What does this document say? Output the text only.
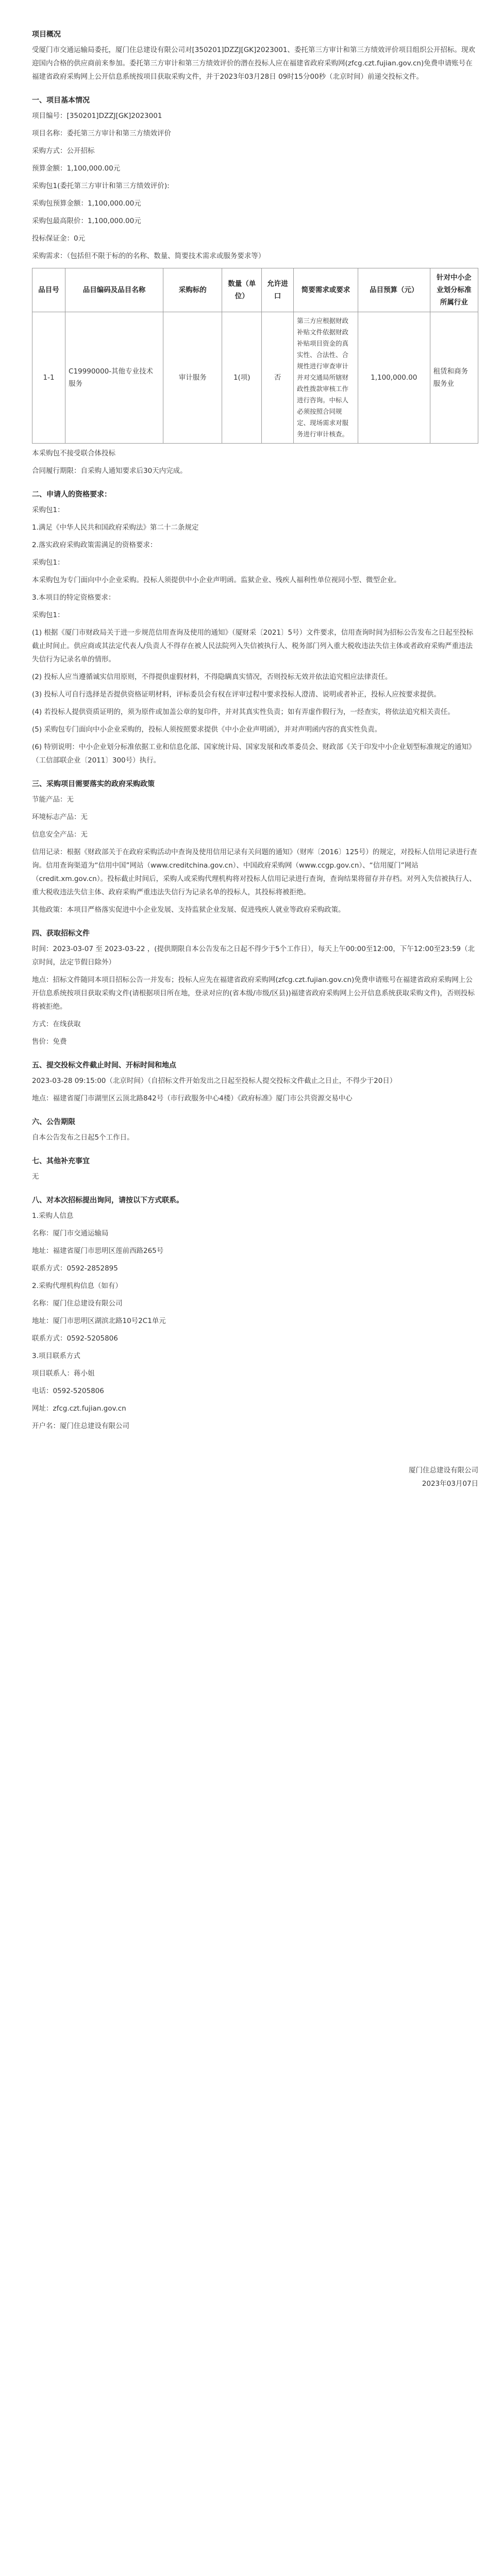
项目概况
受厦门市交通运输局委托，厦门住总建设有限公司对[350201]DZZJ[GK]2023001、委托第三方审计和第三方绩效评价项目组织公开招标。现欢迎国内合格的供应商前来参加。委托第三方审计和第三方绩效评价的潜在投标人应在福建省政府采购网(zfcg.czt.fujian.gov.cn)免费申请账号在福建省政府采购网上公开信息系统按项目获取采购文件，并于2023年03月28日 09时15分00秒（北京时间）前递交投标文件。
一、项目基本情况
项目编号：[350201]DZZJ[GK]2023001
项目名称：委托第三方审计和第三方绩效评价
采购方式：公开招标
预算金额：1,100,000.00元
采购包1(委托第三方审计和第三方绩效评价):
采购包预算金额：1,100,000.00元
采购包最高限价：1,100,000.00元
投标保证金：0元
采购需求：（包括但不限于标的的名称、数量、简要技术需求或服务要求等）
品目号	品目编码及品目名称	采购标的	数量（单位）	允许进口	简要需求或要求	品目预算（元）	针对中小企业划分标准所属行业
1-1	C19990000-其他专业技术服务	审计服务	1(项)	否	第三方应根据财政补贴文件依据财政补贴项目资金的真实性、合法性、合规性进行审查审计并对交通局所辖财政性拨款审核工作进行咨询。中标人必须按照合同规定、现场需求对服务进行审计核查。	1,100,000.00	租赁和商务服务业
本采购包不接受联合体投标
合同履行期限：自采购人通知要求后30天内完成。
二、申请人的资格要求：
采购包1：
1.满足《中华人民共和国政府采购法》第二十二条规定
2.落实政府采购政策需满足的资格要求：
采购包1：
本采购包为专门面向中小企业采购。投标人须提供中小企业声明函。监狱企业、残疾人福利性单位视同小型、微型企业。
3.本项目的特定资格要求：
采购包1：
(1) 根据《厦门市财政局关于进一步规范信用查询及使用的通知》（厦财采〔2021〕5号）文件要求，信用查询时间为招标公告发布之日起至投标截止时间止。供应商或其法定代表人/负责人不得存在被人民法院列入失信被执行人、税务部门列入重大税收违法失信主体或者政府采购严重违法失信行为记录名单的情形。
(2) 投标人应当遵循诚实信用原则，不得提供虚假材料，不得隐瞒真实情况，否则投标无效并依法追究相应法律责任。
(3) 投标人可自行选择是否提供资格证明材料，评标委员会有权在评审过程中要求投标人澄清、说明或者补正，投标人应按要求提供。
(4) 若投标人提供资质证明的，须为原件或加盖公章的复印件，并对其真实性负责；如有弄虚作假行为，一经查实，将依法追究相关责任。
(5) 采购包专门面向中小企业采购的，投标人须按照要求提供《中小企业声明函》，并对声明函内容的真实性负责。
(6) 特别说明：中小企业划分标准依据工业和信息化部、国家统计局、国家发展和改革委员会、财政部《关于印发中小企业划型标准规定的通知》（工信部联企业〔2011〕300号）执行。
三、采购项目需要落实的政府采购政策
节能产品：无
环境标志产品：无
信息安全产品：无
信用记录：根据《财政部关于在政府采购活动中查询及使用信用记录有关问题的通知》（财库〔2016〕125号）的规定，对投标人信用记录进行查询。信用查询渠道为“信用中国”网站（www.creditchina.gov.cn）、中国政府采购网（www.ccgp.gov.cn）、“信用厦门”网站（credit.xm.gov.cn）。投标截止时间后，采购人或采购代理机构将对投标人信用记录进行查询，查询结果将留存并存档。对列入失信被执行人、重大税收违法失信主体、政府采购严重违法失信行为记录名单的投标人，其投标将被拒绝。
其他政策：本项目严格落实促进中小企业发展、支持监狱企业发展、促进残疾人就业等政府采购政策。
四、获取招标文件
时间：2023-03-07 至 2023-03-22 ，(提供期限自本公告发布之日起不得少于5个工作日），每天上午00:00至12:00，下午12:00至23:59（北京时间，法定节假日除外）
地点：招标文件随同本项目招标公告一并发布；投标人应先在福建省政府采购网(zfcg.czt.fujian.gov.cn)免费申请账号在福建省政府采购网上公开信息系统按项目获取采购文件(请根据项目所在地，登录对应的(省本级/市级/区县))福建省政府采购网上公开信息系统获取采购文件)，否则投标将被拒绝。
方式：在线获取
售价：免费
五、提交投标文件截止时间、开标时间和地点
2023-03-28 09:15:00（北京时间）（自招标文件开始发出之日起至投标人提交投标文件截止之日止，不得少于20日）
地点：福建省厦门市湖里区云顶北路842号（市行政服务中心4楼）《政府标准》厦门市公共资源交易中心
六、公告期限
自本公告发布之日起5个工作日。
七、其他补充事宜
无
八、对本次招标提出询问，请按以下方式联系。
1.采购人信息
名称：厦门市交通运输局
地址：福建省厦门市思明区莲前西路265号
联系方式：0592-2852895
2.采购代理机构信息（如有）
名称：厦门住总建设有限公司
地址：厦门市思明区湖滨北路10号2C1单元
联系方式：0592-5205806
3.项目联系方式
项目联系人：蒋小姐
电话：0592-5205806
网址：zfcg.czt.fujian.gov.cn
开户名：厦门住总建设有限公司
厦门住总建设有限公司
2023年03月07日
